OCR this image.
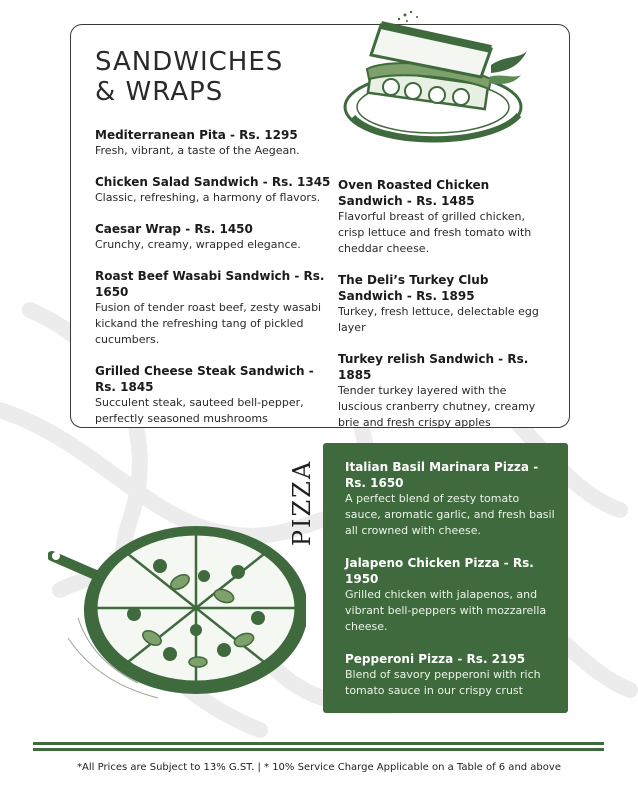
SANDWICHES & WRAPS
Mediterranean Pita - Rs. 1295
Fresh, vibrant, a taste of the Aegean.
Chicken Salad Sandwich - Rs. 1345
Classic, refreshing, a harmony of flavors.
Caesar Wrap - Rs. 1450
Crunchy, creamy, wrapped elegance.
Roast Beef Wasabi Sandwich - Rs. 1650
Fusion of tender roast beef, zesty wasabi kickand the refreshing tang of pickled cucumbers.
Grilled Cheese Steak Sandwich - Rs. 1845
Succulent steak, sauteed bell-pepper, perfectly seasoned mushrooms
Oven Roasted Chicken Sandwich - Rs. 1485
Flavorful breast of grilled chicken, crisp lettuce and fresh tomato with cheddar cheese.
The Deli’s Turkey Club Sandwich - Rs. 1895
Turkey, fresh lettuce, delectable egg layer
Turkey relish Sandwich - Rs. 1885
Tender turkey layered with the luscious cranberry chutney, creamy brie and fresh crispy apples
PIZZA Italian Basil Marinara Pizza - Rs. 1650
A perfect blend of zesty tomato sauce, aromatic garlic, and fresh basil all crowned with cheese.
Jalapeno Chicken Pizza - Rs. 1950
Grilled chicken with jalapenos, and vibrant bell-peppers with mozzarella cheese.
Pepperoni Pizza - Rs. 2195
Blend of savory pepperoni with rich tomato sauce in our crispy crust
*All Prices are Subject to 13% G.ST. | * 10% Service Charge Applicable on a Table of 6 and above
